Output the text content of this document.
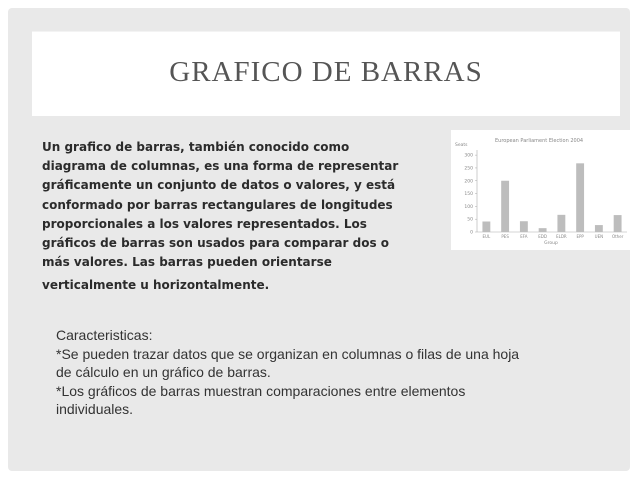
GRAFICO DE BARRAS
Un grafico de barras, también conocido como
diagrama de columnas, es una forma de representar
gráficamente un conjunto de datos o valores, y está
conformado por barras rectangulares de longitudes
proporcionales a los valores representados. Los
gráficos de barras son usados para comparar dos o
más valores. Las barras pueden orientarse
verticalmente u horizontalmente.
European Parliament Election 2004
Seats
Group
0
50
100
150
200
250
300
EUL	PES	EFA	EDD ELDR EPP	UEN Other
Caracteristicas:
*Se pueden trazar datos que se organizan en columnas o filas de una hoja
de cálculo en un gráfico de barras.
*Los gráficos de barras muestran comparaciones entre elementos
individuales.
